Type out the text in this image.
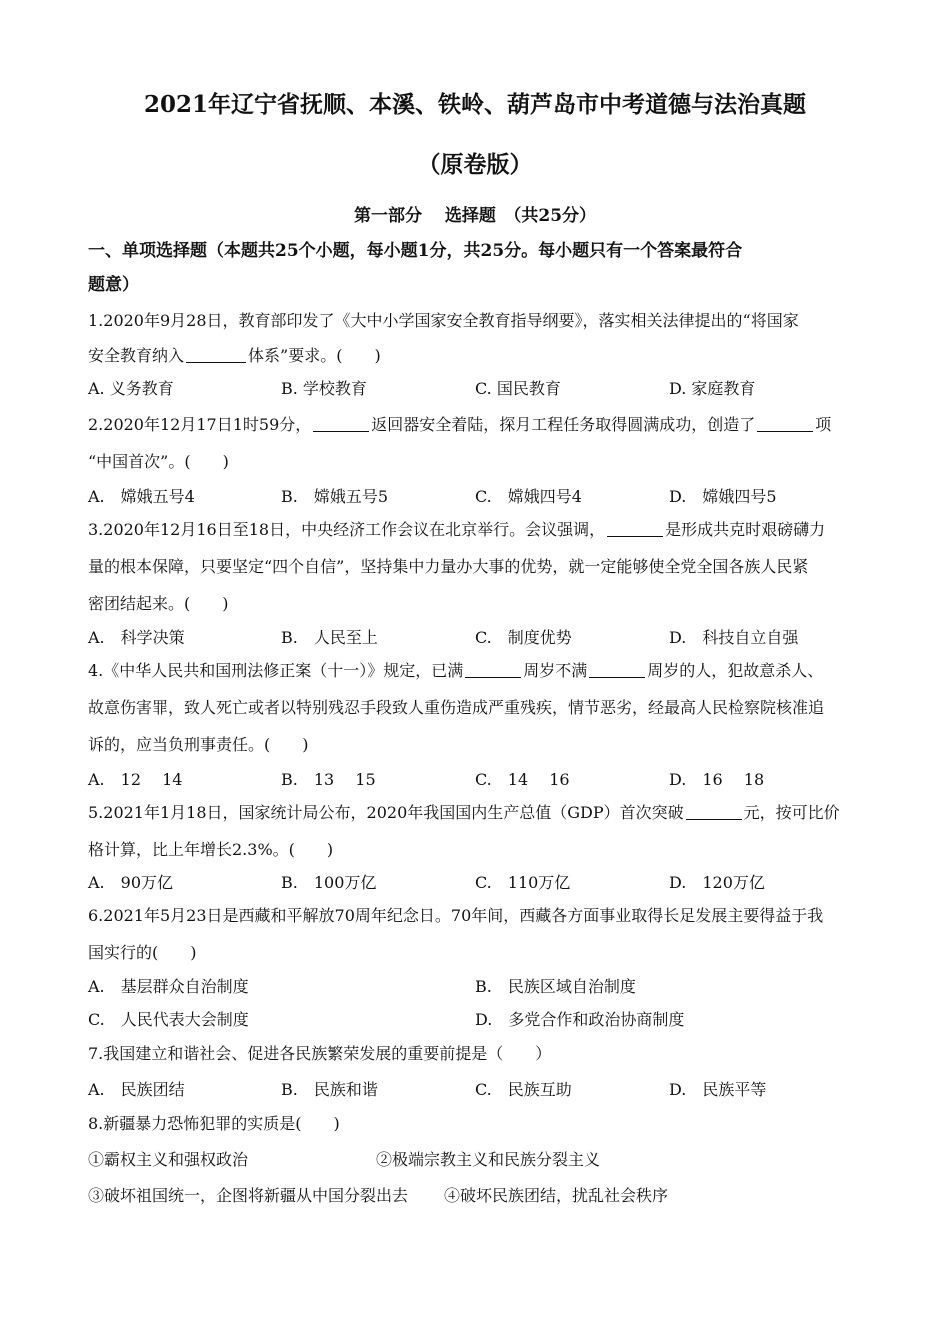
2021年辽宁省抚顺、本溪、铁岭、葫芦岛市中考道德与法治真题
（原卷版）
第一部分　 选择题　（共25分）
一、单项选择题（本题共25个小题，每小题1分，共25分。每小题只有一个答案最符合
题意）
1.2020年9月28日，教育部印发了《大中小学国家安全教育指导纲要》，落实相关法律提出的“将国家
安全教育纳入	体系”要求。(　　)
A. 义务教育	B. 学校教育	C. 国民教育	D. 家庭教育
2.2020年12月17日1时59分，	返回器安全着陆，探月工程任务取得圆满成功，创造了	项
“中国首次”。(　　)
A.　嫦娥五号4	B.　嫦娥五号5	C.　嫦娥四号4	D.　嫦娥四号5
3.2020年12月16日至18日，中央经济工作会议在北京举行。会议强调，	是形成共克时艰磅礴力
量的根本保障，只要坚定“四个自信”，坚持集中力量办大事的优势，就一定能够使全党全国各族人民紧
密团结起来。(　　)
A.　科学决策	B.　人民至上	C.　制度优势	D.　科技自立自强
4.《中华人民共和国刑法修正案（十一）》规定，已满	周岁不满	周岁的人，犯故意杀人、
故意伤害罪，致人死亡或者以特别残忍手段致人重伤造成严重残疾，情节恶劣，经最高人民检察院核准追
诉的，应当负刑事责任。(　　)
A.　12　 14	B.　13　 15	C.　14　 16	D.　16　 18
5.2021年1月18日，国家统计局公布，2020年我国国内生产总值（GDP）首次突破	元，按可比价
格计算，比上年增长2.3%。(　　)
A.　90万亿	B.　100万亿	C.　110万亿	D.　120万亿
6.2021年5月23日是西藏和平解放70周年纪念日。70年间，西藏各方面事业取得长足发展主要得益于我
国实行的(　　)
A.　基层群众自治制度	B.　民族区域自治制度
C.　人民代表大会制度	D.　多党合作和政治协商制度
7.我国建立和谐社会、促进各民族繁荣发展的重要前提是（　　）
A.　民族团结	B.　民族和谐	C.　民族互助	D.　民族平等
8.新疆暴力恐怖犯罪的实质是(　　)
①霸权主义和强权政治	②极端宗教主义和民族分裂主义
③破坏祖国统一，企图将新疆从中国分裂出去 ④破坏民族团结，扰乱社会秩序
